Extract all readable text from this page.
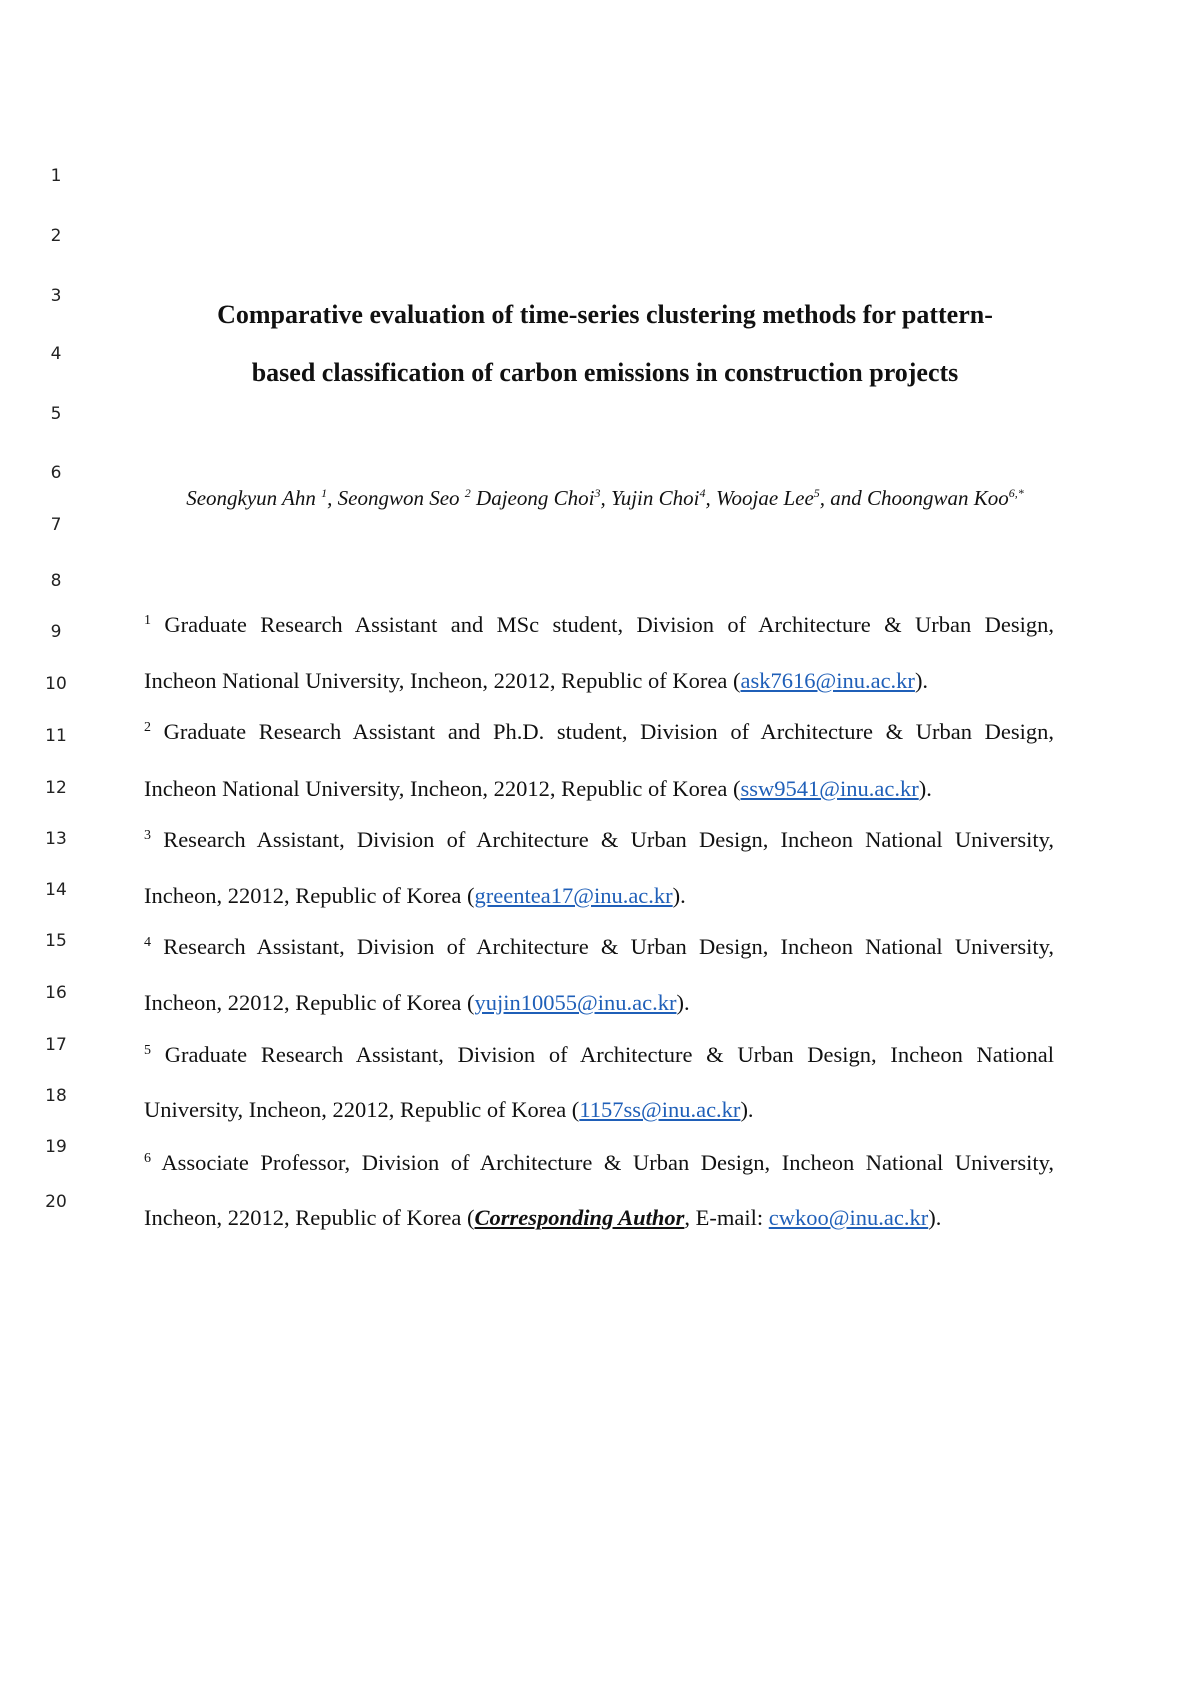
1
2
3
4
5
6
7
8
9
10
11
12
13
14
15
16
17
18
19
20
Comparative evaluation of time-series clustering methods for pattern-
based classification of carbon emissions in construction projects
Seongkyun Ahn $^1$, Seongwon Seo $^2$ Dajeong Choi$^3$, Yujin Choi$^4$, Woojae Lee$^5$, and Choongwan Koo$^{6,*}$
$^1$ Graduate Research Assistant and MSc student, Division of Architecture & Urban Design,
Incheon National University, Incheon, 22012, Republic of Korea (ask7616@inu.ac.kr).
$^2$ Graduate Research Assistant and Ph.D. student, Division of Architecture & Urban Design,
Incheon National University, Incheon, 22012, Republic of Korea (ssw9541@inu.ac.kr).
$^3$ Research Assistant, Division of Architecture & Urban Design, Incheon National University,
Incheon, 22012, Republic of Korea (greentea17@inu.ac.kr).
$^4$ Research Assistant, Division of Architecture & Urban Design, Incheon National University,
Incheon, 22012, Republic of Korea (yujin10055@inu.ac.kr).
$^5$ Graduate Research Assistant, Division of Architecture & Urban Design, Incheon National
University, Incheon, 22012, Republic of Korea (1157ss@inu.ac.kr).
$^6$ Associate Professor, Division of Architecture & Urban Design, Incheon National University,
Incheon, 22012, Republic of Korea (Corresponding Author, E-mail: cwkoo@inu.ac.kr).
